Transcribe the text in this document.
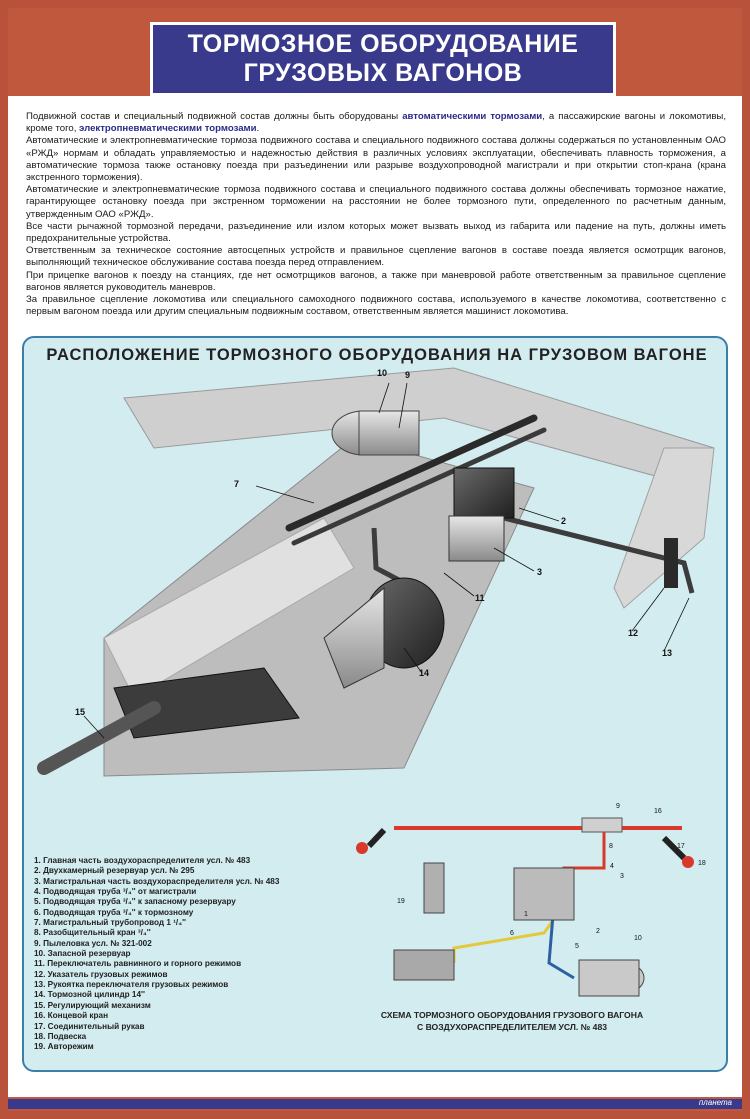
ТОРМОЗНОЕ ОБОРУДОВАНИЕ
ГРУЗОВЫХ ВАГОНОВ
планета

Подвижной состав и специальный подвижной состав должны быть оборудованы автоматическими тормозами, а пассажирские вагоны и локомотивы, кроме того, электропневматическими тормозами.

Автоматические и электропневматические тормоза подвижного состава и специального подвижного состава должны содержаться по установленным ОАО «РЖД» нормам и обладать управляемостью и надежностью действия в различных условиях эксплуатации, обеспечивать плавность торможения, а автоматические тормоза также остановку поезда при разъединении или разрыве воздухопроводной магистрали и при открытии стоп-крана (крана экстренного торможения).

Автоматические и электропневматические тормоза подвижного состава и специального подвижного состава должны обеспечивать тормозное нажатие, гарантирующее остановку поезда при экстренном торможении на расстоянии не более тормозного пути, определенного по расчетным данным, утвержденным ОАО «РЖД».

Все части рычажной тормозной передачи, разъединение или излом которых может вызвать выход из габарита или падение на путь, должны иметь предохранительные устройства.

Ответственным за техническое состояние автосцепных устройств и правильное сцепление вагонов в составе поезда является осмотрщик вагонов, выполняющий техническое обслуживание состава поезда перед отправлением.

При прицепке вагонов к поезду на станциях, где нет осмотрщиков вагонов, а также при маневровой работе ответственным за правильное сцепление вагонов является руководитель маневров.

За правильное сцепление локомотива или специального самоходного подвижного состава, используемого в качестве локомотива, соответственно с первым вагоном поезда или другим специальным подвижным составом, ответственным является машинист локомотива.

РАСПОЛОЖЕНИЕ ТОРМОЗНОГО ОБОРУДОВАНИЯ НА ГРУЗОВОМ ВАГОНЕ
10 9
7
2
3
11
12
13
14
15
9
16
8	17
18
4
3
19
1
2
6
5
10
1. Главная часть воздухораспределителя усл. № 483
2. Двухкамерный резервуар усл. № 295
3. Магистральная часть воздухораспределителя усл. № 483
4. Подводящая труба ³/₄'' от магистрали
5. Подводящая труба ³/₄'' к запасному резервуару
6. Подводящая труба ³/₄'' к тормозному
7. Магистральный трубопровод 1 ¹/₄''
8. Разобщительный кран ³/₄''
9. Пылеловка усл. № 321-002
10. Запасной резервуар
11. Переключатель равнинного и горного режимов
12. Указатель грузовых режимов
13. Рукоятка переключателя грузовых режимов
14. Тормозной цилиндр 14''
15. Регулирующий механизм
16. Концевой кран
17. Соединительный рукав
18. Подвеска
19. Авторежим
СХЕМА ТОРМОЗНОГО ОБОРУДОВАНИЯ ГРУЗОВОГО ВАГОНА
С ВОЗДУХОРАСПРЕДЕЛИТЕЛЕМ УСЛ. № 483
